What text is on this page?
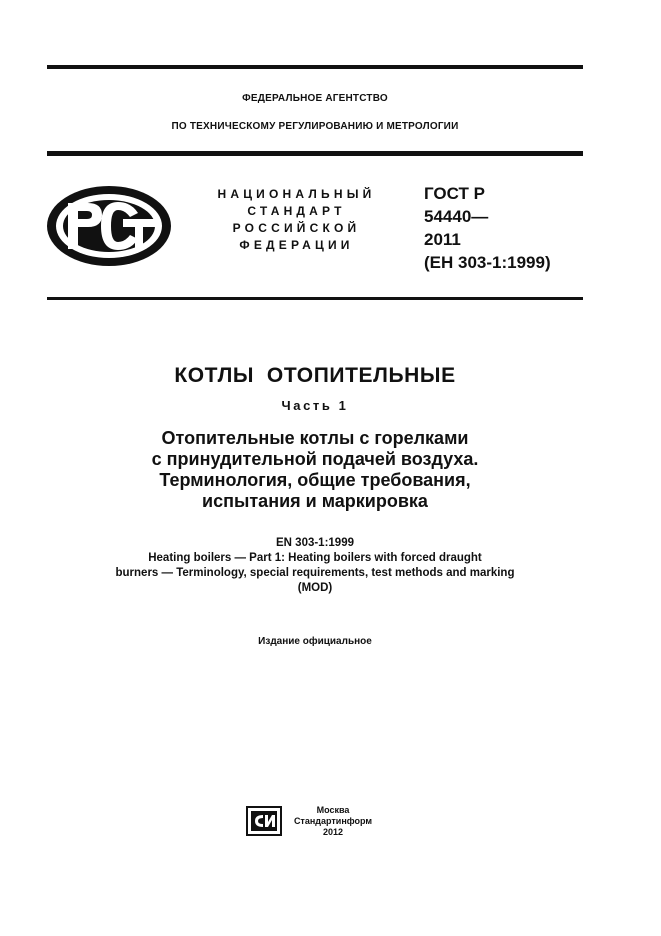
ФЕДЕРАЛЬНОЕ АГЕНТСТВО
ПО ТЕХНИЧЕСКОМУ РЕГУЛИРОВАНИЮ И МЕТРОЛОГИИ
НАЦИОНАЛЬНЫЙ
СТАНДАРТ
РОССИЙСКОЙ
ФЕДЕРАЦИИ
ГОСТ Р
54440—
2011
(ЕН 303-1:1999)
КОТЛЫ  ОТОПИТЕЛЬНЫЕ
Часть 1
Отопительные котлы с горелками
с принудительной подачей воздуха.
Терминология, общие требования,
испытания и маркировка
EN 303-1:1999
Heating boilers — Part 1: Heating boilers with forced draught
burners — Terminology, special requirements, test methods and marking
(MOD)
Издание официальное
Москва
Стандартинформ
2012
